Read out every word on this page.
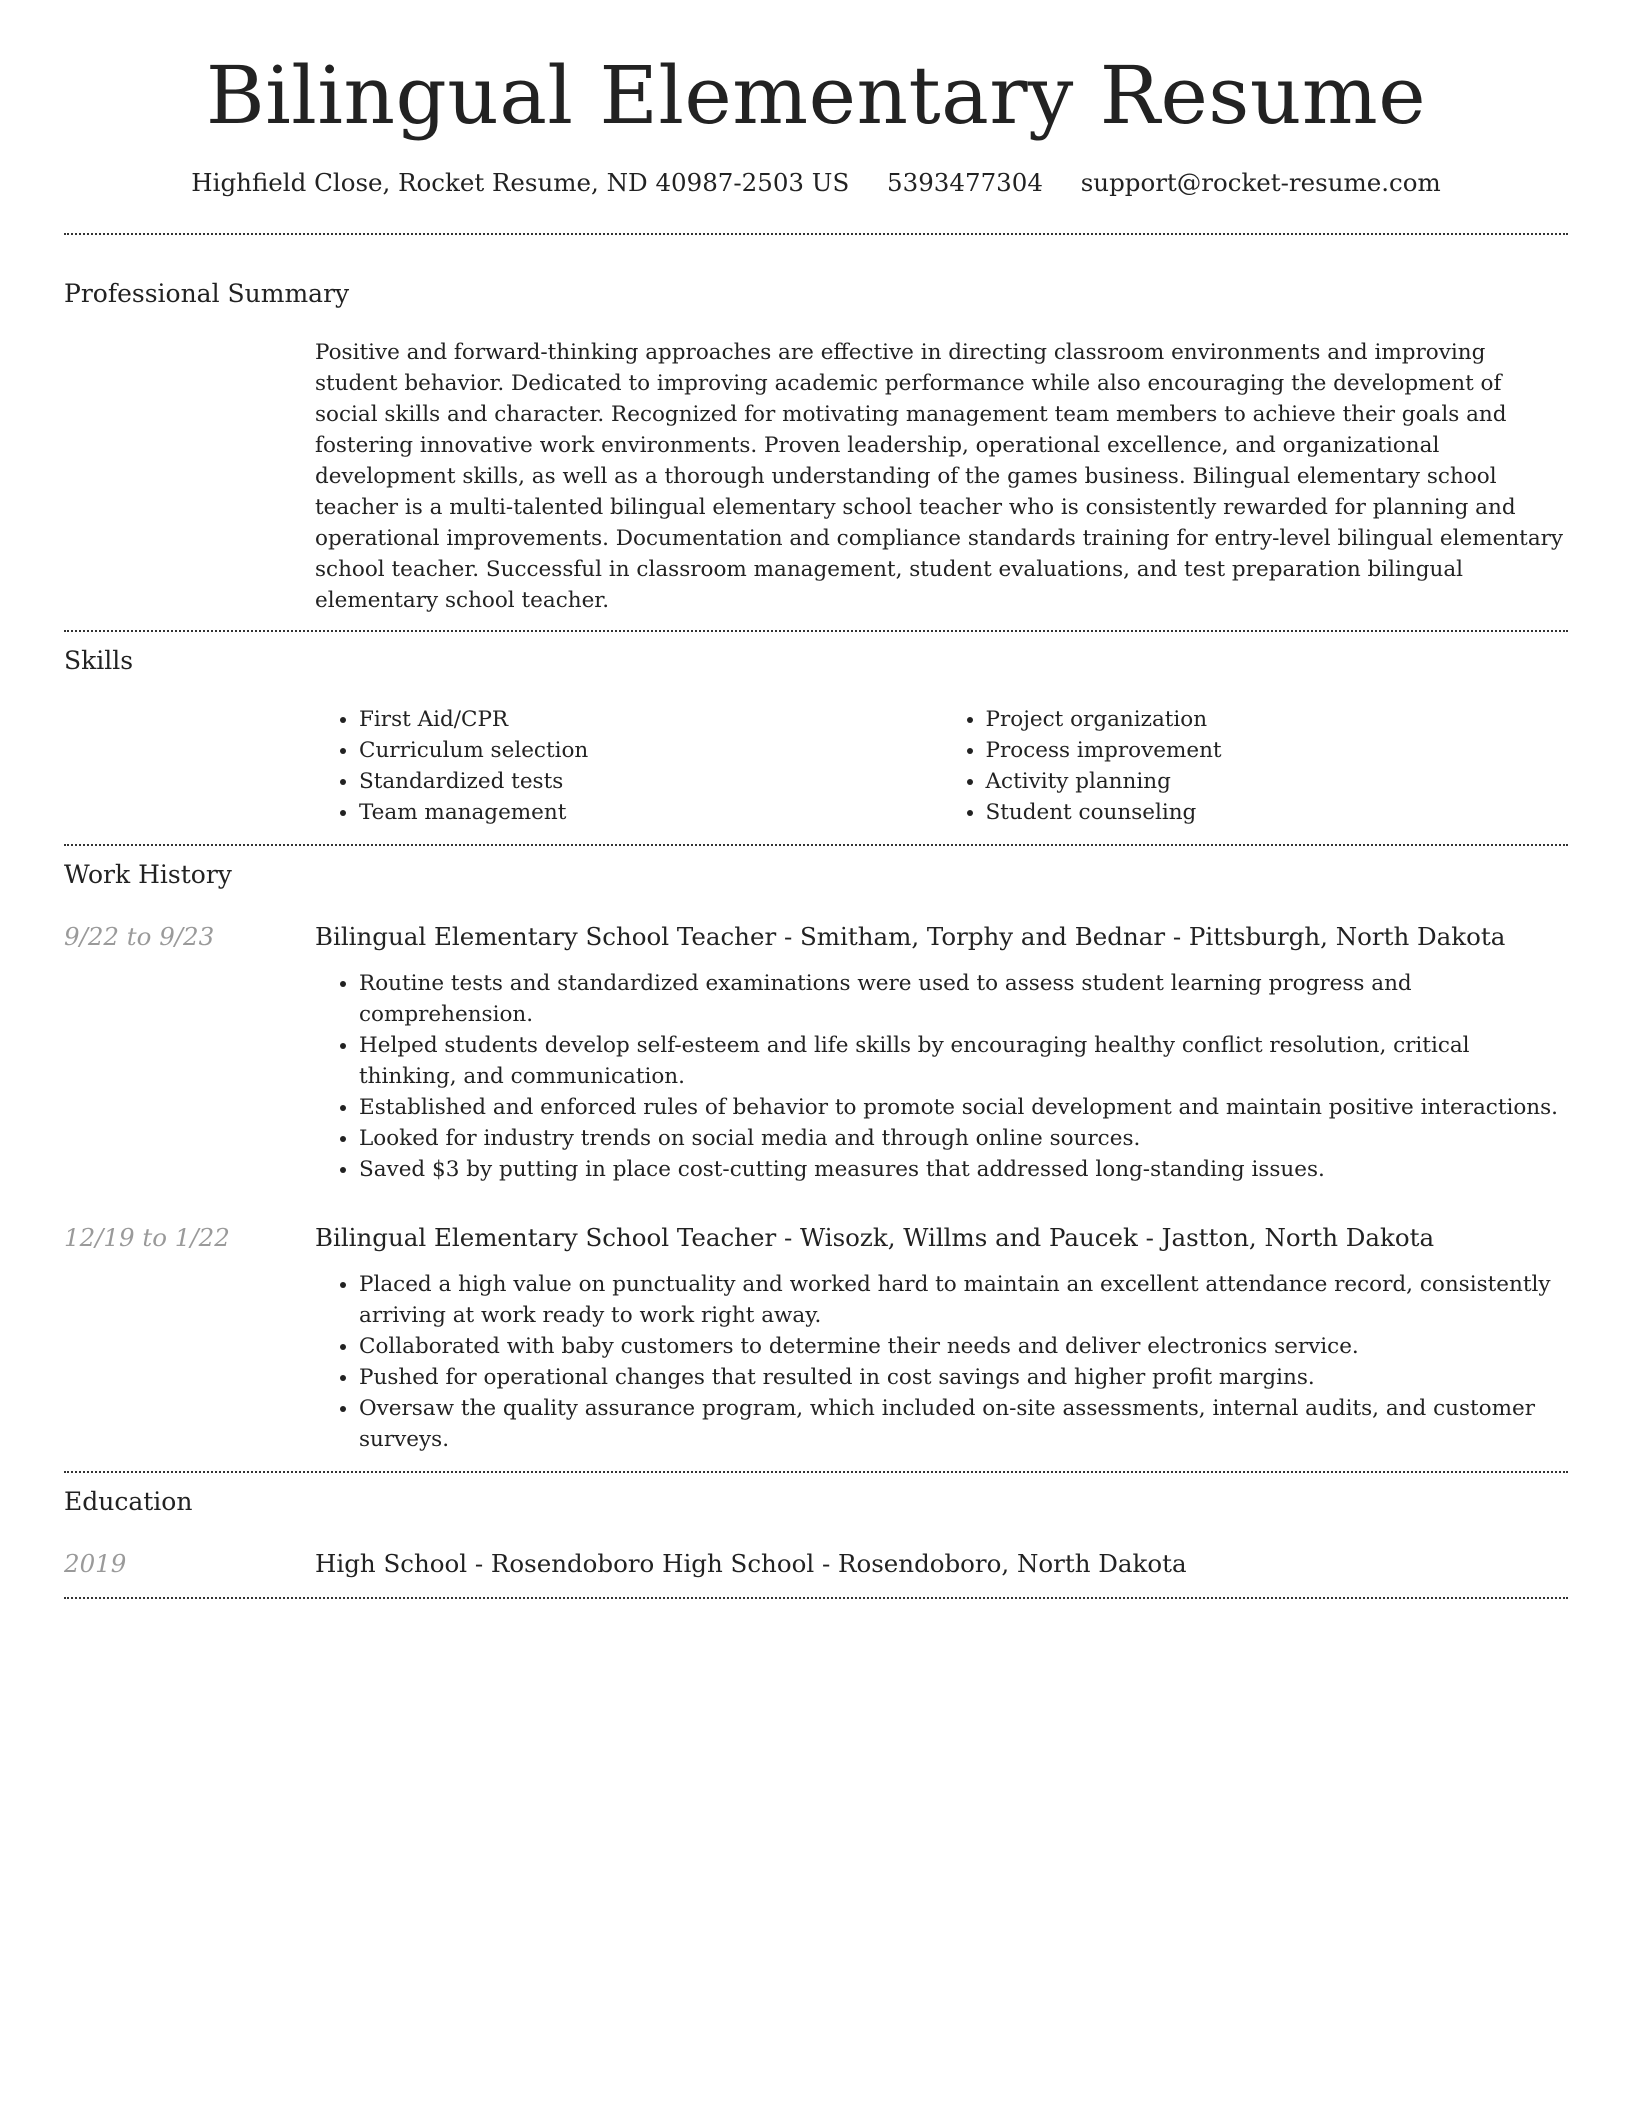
Bilingual Elementary Resume
Highfield Close, Rocket Resume, ND 40987-2503 US 5393477304 support@rocket-resume.com
Professional Summary

Positive and forward-thinking approaches are effective in directing classroom environments and improving student behavior. Dedicated to improving academic performance while also encouraging the development of social skills and character. Recognized for motivating management team members to achieve their goals and fostering innovative work environments. Proven leadership, operational excellence, and organizational development skills, as well as a thorough understanding of the games business. Bilingual elementary school teacher is a multi-talented bilingual elementary school teacher who is consistently rewarded for planning and operational improvements. Documentation and compliance standards training for entry-level bilingual elementary school teacher. Successful in classroom management, student evaluations, and test preparation bilingual elementary school teacher.

Skills
• First Aid/CPR
• Curriculum selection
• Standardized tests
• Team management
• Project organization
• Process improvement
• Activity planning
• Student counseling
Work History
9/22 to 9/23	Bilingual Elementary School Teacher - Smitham, Torphy and Bednar - Pittsburgh, North Dakota
• Routine tests and standardized examinations were used to assess student learning progress and comprehension.
• Helped students develop self-esteem and life skills by encouraging healthy conflict resolution, critical thinking, and communication.
• Established and enforced rules of behavior to promote social development and maintain positive interactions.
• Looked for industry trends on social media and through online sources.
• Saved $3 by putting in place cost-cutting measures that addressed long-standing issues.
12/19 to 1/22	Bilingual Elementary School Teacher - Wisozk, Willms and Paucek - Jastton, North Dakota
• Placed a high value on punctuality and worked hard to maintain an excellent attendance record, consistently arriving at work ready to work right away.
• Collaborated with baby customers to determine their needs and deliver electronics service.
• Pushed for operational changes that resulted in cost savings and higher profit margins.
• Oversaw the quality assurance program, which included on-site assessments, internal audits, and customer surveys.
Education
2019	High School - Rosendoboro High School - Rosendoboro, North Dakota
